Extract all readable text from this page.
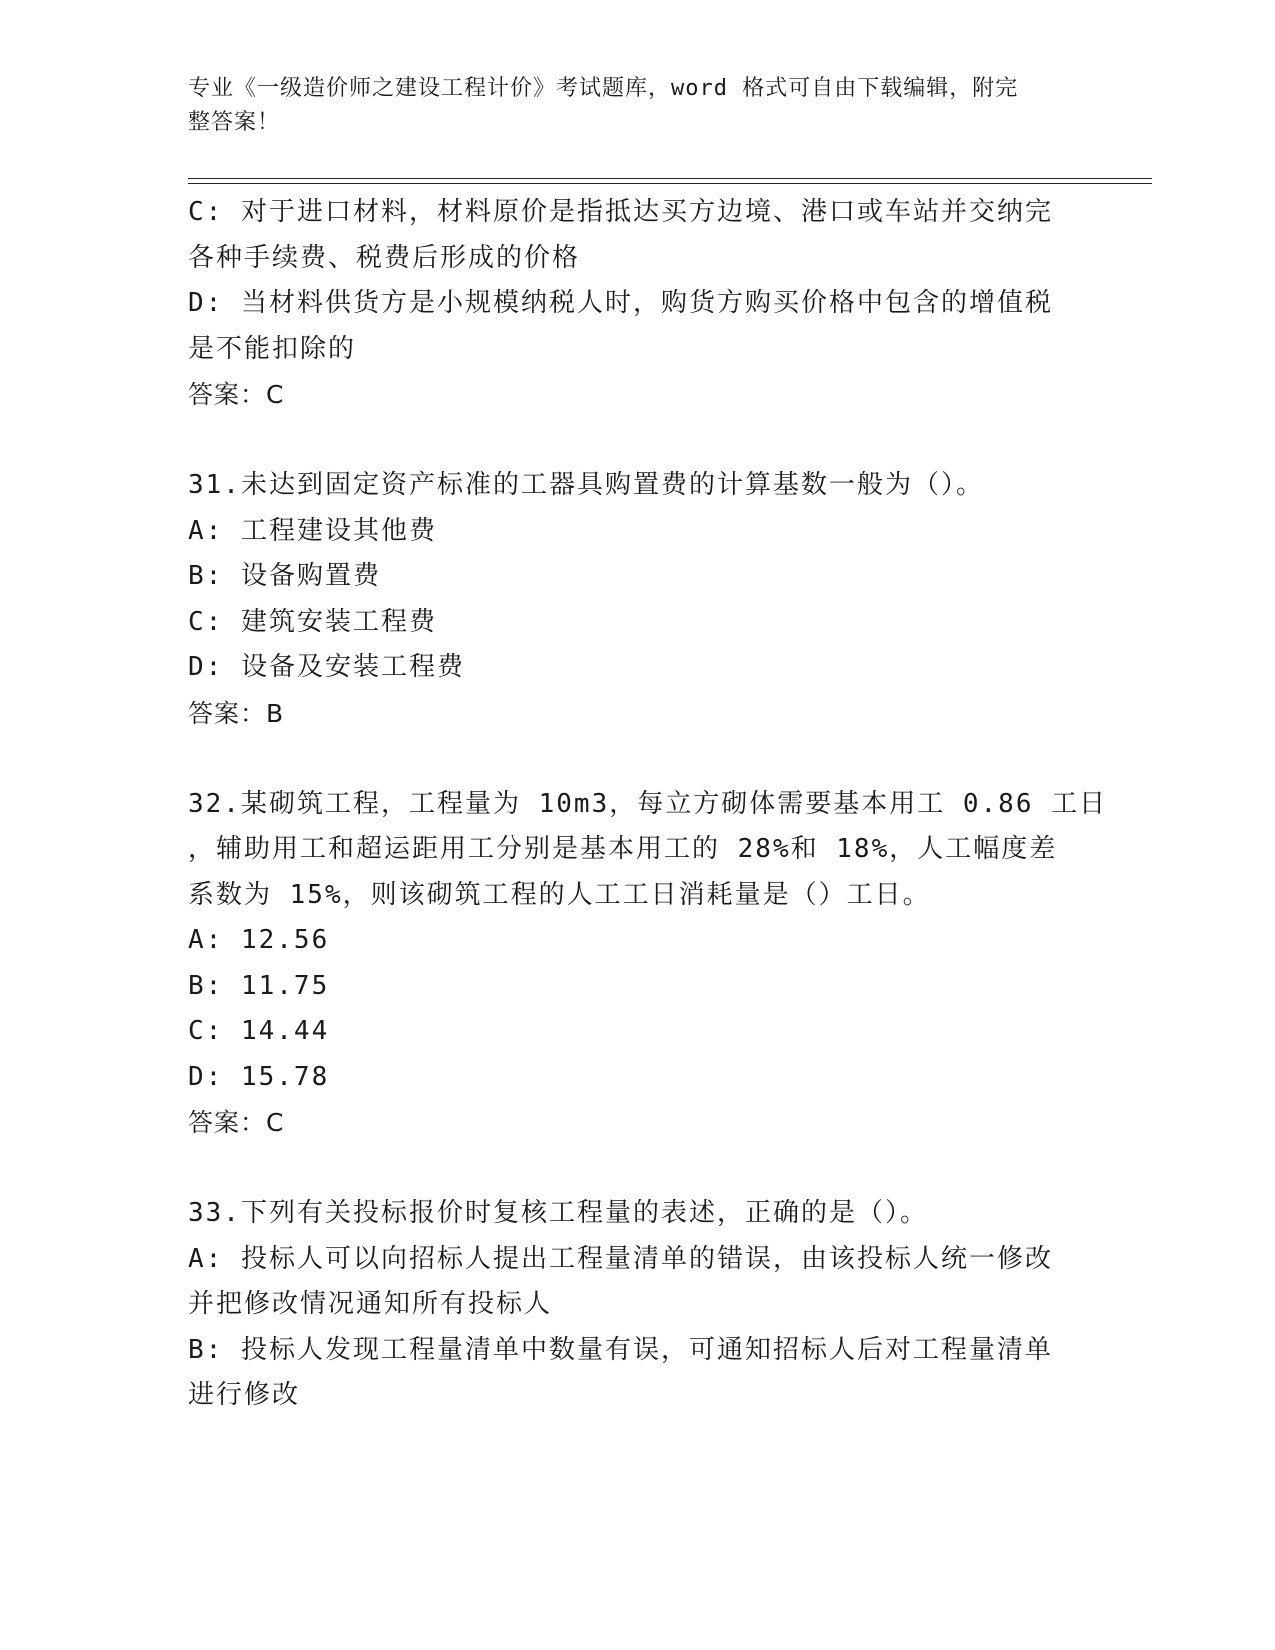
专业《一级造价师之建设工程计价》考试题库，word 格式可自由下载编辑，附完
整答案！
C: 对于进口材料，材料原价是指抵达买方边境、港口或车站并交纳完
各种手续费、税费后形成的价格
D: 当材料供货方是小规模纳税人时，购货方购买价格中包含的增值税
是不能扣除的
答案：C
31.未达到固定资产标准的工器具购置费的计算基数一般为（）。
A: 工程建设其他费
B: 设备购置费
C: 建筑安装工程费
D: 设备及安装工程费
答案：B
32.某砌筑工程，工程量为 10m3，每立方砌体需要基本用工 0.86 工日
，辅助用工和超运距用工分别是基本用工的 28%和 18%，人工幅度差
系数为 15%，则该砌筑工程的人工工日消耗量是（）工日。
A: 12.56
B: 11.75
C: 14.44
D: 15.78
答案：C
33.下列有关投标报价时复核工程量的表述，正确的是（）。
A: 投标人可以向招标人提出工程量清单的错误，由该投标人统一修改
并把修改情况通知所有投标人
B: 投标人发现工程量清单中数量有误，可通知招标人后对工程量清单
进行修改
